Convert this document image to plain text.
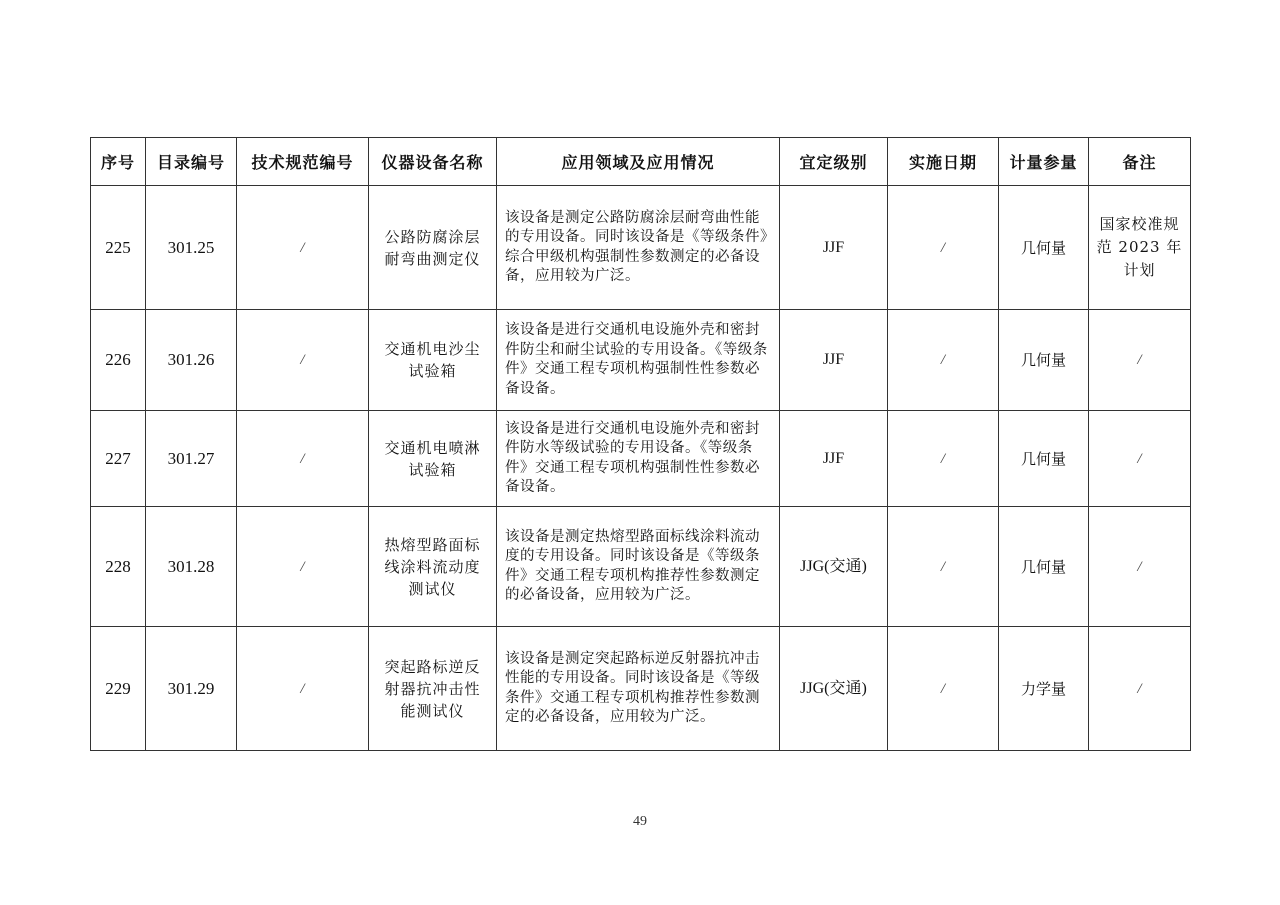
序号	目录编号	技术规范编号	仪器设备名称	应用领域及应用情况	宜定级别	实施日期	计量参量	备注
225	301.25	/	公路防腐涂层耐弯曲测定仪	该设备是测定公路防腐涂层耐弯曲性能的专用设备。同时该设备是《等级条件》综合甲级机构强制性参数测定的必备设备，应用较为广泛。	JJF	/	几何量	国家校准规范 2023 年计划
226	301.26	/	交通机电沙尘试验箱	该设备是进行交通机电设施外壳和密封件防尘和耐尘试验的专用设备。《等级条件》交通工程专项机构强制性性参数必备设备。	JJF	/	几何量	/
227	301.27	/	交通机电喷淋试验箱	该设备是进行交通机电设施外壳和密封件防水等级试验的专用设备。《等级条件》交通工程专项机构强制性性参数必备设备。	JJF	/	几何量	/
228	301.28	/	热熔型路面标线涂料流动度测试仪	该设备是测定热熔型路面标线涂料流动度的专用设备。同时该设备是《等级条件》交通工程专项机构推荐性参数测定的必备设备，应用较为广泛。	JJG(交通)	/	几何量	/
229	301.29	/	突起路标逆反射器抗冲击性能测试仪	该设备是测定突起路标逆反射器抗冲击性能的专用设备。同时该设备是《等级条件》交通工程专项机构推荐性参数测定的必备设备，应用较为广泛。	JJG(交通)	/	力学量	/
49
